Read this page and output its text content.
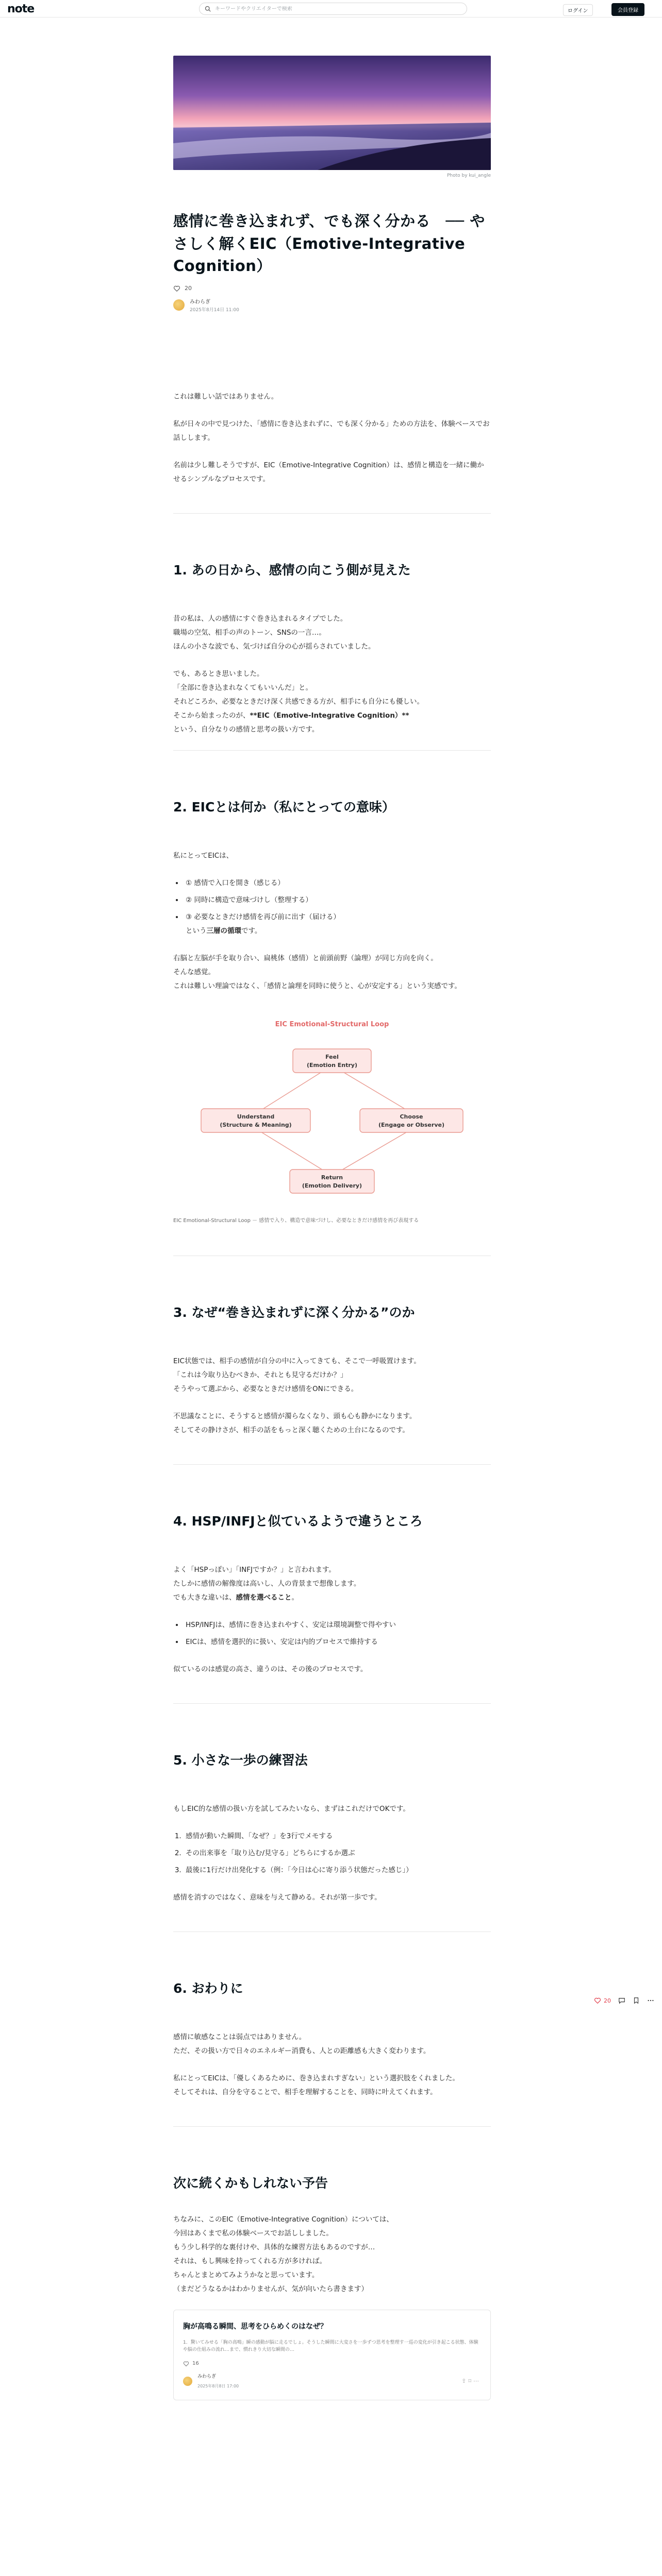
note
キーワードやクリエイターで検索	ログイン	会員登録
Photo by kui_angle
感情に巻き込まれず、でも深く分かる　── やさしく解くEIC（Emotive-Integrative Cognition）
20
みわらぎ
2025年8月14日 11:00

これは難しい話ではありません。

私が日々の中で見つけた、「感情に巻き込まれずに、でも深く分かる」ための方法を、体験ベースでお話しします。

名前は少し難しそうですが、EIC（Emotive-Integrative Cognition）は、感情と構造を一緒に働かせるシンプルなプロセスです。

1. あの日から、感情の向こう側が見えた

昔の私は、人の感情にすぐ巻き込まれるタイプでした。
職場の空気、相手の声のトーン、SNSの一言…。
ほんの小さな波でも、気づけば自分の心が揺らされていました。

でも、あるとき思いました。
「全部に巻き込まれなくてもいいんだ」と。
それどころか、必要なときだけ深く共感できる方が、相手にも自分にも優しい。
そこから始まったのが、**EIC（Emotive-Integrative Cognition）**
という、自分なりの感情と思考の扱い方です。

2. EICとは何か（私にとっての意味）

私にとってEICは、

• ① 感情で入口を開き（感じる）
• ② 同時に構造で意味づけし（整理する）
• ③ 必要なときだけ感情を再び前に出す（届ける）
という三層の循環です。

右脳と左脳が手を取り合い、扁桃体（感情）と前頭前野（論理）が同じ方向を向く。
そんな感覚。
これは難しい理論ではなく、「感情と論理を同時に使うと、心が安定する」という実感です。

EIC Emotional-Structural Loop
Feel
(Emotion Entry)
Understand
(Structure & Meaning)
Choose
(Engage or Observe)
Return
(Emotion Delivery)
EIC Emotional-Structural Loop － 感情で入り、構造で意味づけし、必要なときだけ感情を再び表現する
3. なぜ“巻き込まれずに深く分かる”のか

EIC状態では、相手の感情が自分の中に入ってきても、そこで一呼吸置けます。
「これは今取り込むべきか、それとも見守るだけか？」
そうやって選ぶから、必要なときだけ感情をONにできる。

不思議なことに、そうすると感情が濁らなくなり、頭も心も静かになります。
そしてその静けさが、相手の話をもっと深く聴くための土台になるのです。

4. HSP/INFJと似ているようで違うところ

よく「HSPっぽい」「INFJですか？」と言われます。
たしかに感情の解像度は高いし、人の背景まで想像します。
でも大きな違いは、感情を選べること。

• HSP/INFJは、感情に巻き込まれやすく、安定は環境調整で得やすい
• EICは、感情を選択的に扱い、安定は内的プロセスで維持する

似ているのは感覚の高さ、違うのは、その後のプロセスです。

5. 小さな一歩の練習法

もしEIC的な感情の扱い方を試してみたいなら、まずはこれだけでOKです。

1. 感情が動いた瞬間、「なぜ？」を3行でメモする
2. その出来事を「取り込む/見守る」どちらにするか選ぶ
3. 最後に1行だけ出発化する（例：「今日は心に寄り添う状態だった感じ」）

感情を消すのではなく、意味を与えて静める。それが第一歩です。

6. おわりに

感情に敏感なことは弱点ではありません。
ただ、その扱い方で日々のエネルギー消費も、人との距離感も大きく変わります。

私にとってEICは、「優しくあるために、巻き込まれすぎない」という選択肢をくれました。
そしてそれは、自分を守ることで、相手を理解することを、同時に叶えてくれます。

次に続くかもしれない予告

ちなみに、このEIC（Emotive-Integrative Cognition）については、
今回はあくまで私の体験ベースでお話ししました。
もう少し科学的な裏付けや、具体的な練習方法もあるのですが…
それは、もし興味を持ってくれる方が多ければ。
ちゃんとまとめてみようかなと思っています。
（まだどうなるかはわかりませんが、気が向いたら書きます）

胸が高鳴る瞬間、思考をひらめくのはなぜ？
1．驚いてみせる「胸の高鳴」瞬の感動が脳に走るでしょ。そうした瞬間に大変さを一歩ずつ思考を整理す一巡の変化が引き起こる状態、体験や脳の仕組みの流れ…まで、慣れきり大切な瞬間の…
16
みわらぎ
2025年8月8日 17:00
⇪⌑⋯
20
